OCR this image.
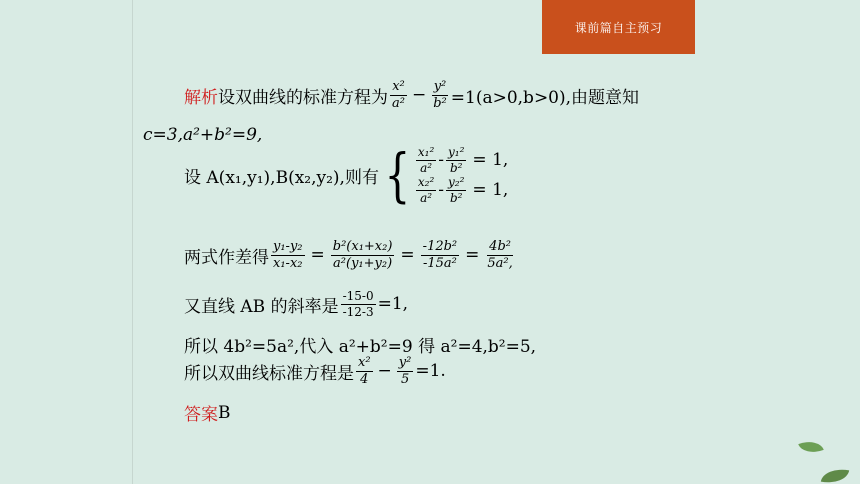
课前篇自主预习
解析 设双曲线的标准方程为 $\frac{\text{x²}}{\text{a²}} - \frac{\text{y²}}{\text{b²}} =1(a>0,b>0)$,由题意知
c=3,a²+b²=9,
设 A(x₁,y₁),B(x₂,y₂),则有 { $\frac{\text{x₁²}}{\text{a²}} - \frac{\text{y₁²}}{\text{b²}} = 1$,
$\frac{\text{x₂²}}{\text{a²}} - \frac{\text{y₂²}}{\text{b²}} = 1$,
两式作差得 $\frac{\text{y₁-y₂}}{\text{x₁-x₂}} = \frac{\text{b²(x₁+x₂)}}{\text{a²(y₁+y₂)}} = \frac{\text{-12b²}}{\text{-15a²}} = \frac{\text{4b²}}{\text{5a²,}}$
又直线 AB 的斜率是 $\frac{-15-0}{-12-3} =1$,
所以 4b²=5a²,代入 a²+b²=9 得 a²=4,b²=5,
所以双曲线标准方程是 $\frac{\text{x²}}{4} - \frac{\text{y²}}{5} =1$.
答案 B
